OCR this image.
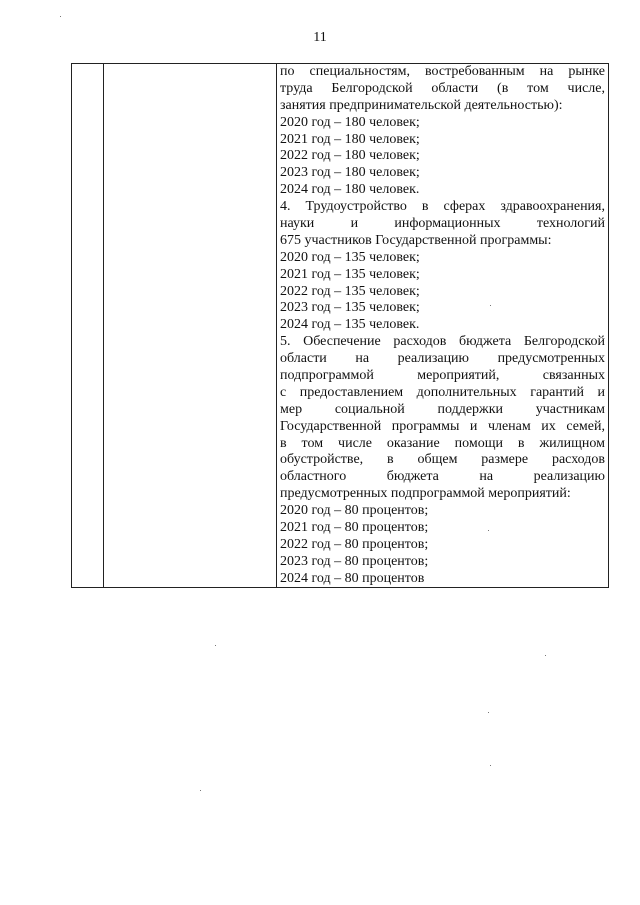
11
по специальностям, востребованным на рынке
труда Белгородской области (в том числе,
занятия предпринимательской деятельностью):
2020 год – 180 человек;
2021 год – 180 человек;
2022 год – 180 человек;
2023 год – 180 человек;
2024 год – 180 человек.
4. Трудоустройство в сферах здравоохранения,
науки и информационных технологий
675 участников Государственной программы:
2020 год – 135 человек;
2021 год – 135 человек;
2022 год – 135 человек;
2023 год – 135 человек;
2024 год – 135 человек.
5. Обеспечение расходов бюджета Белгородской
области на реализацию предусмотренных
подпрограммой мероприятий, связанных
с предоставлением дополнительных гарантий и
мер социальной поддержки участникам
Государственной программы и членам их семей,
в том числе оказание помощи в жилищном
обустройстве, в общем размере расходов
областного бюджета на реализацию
предусмотренных подпрограммой мероприятий:
2020 год – 80 процентов;
2021 год – 80 процентов;
2022 год – 80 процентов;
2023 год – 80 процентов;
2024 год – 80 процентов
